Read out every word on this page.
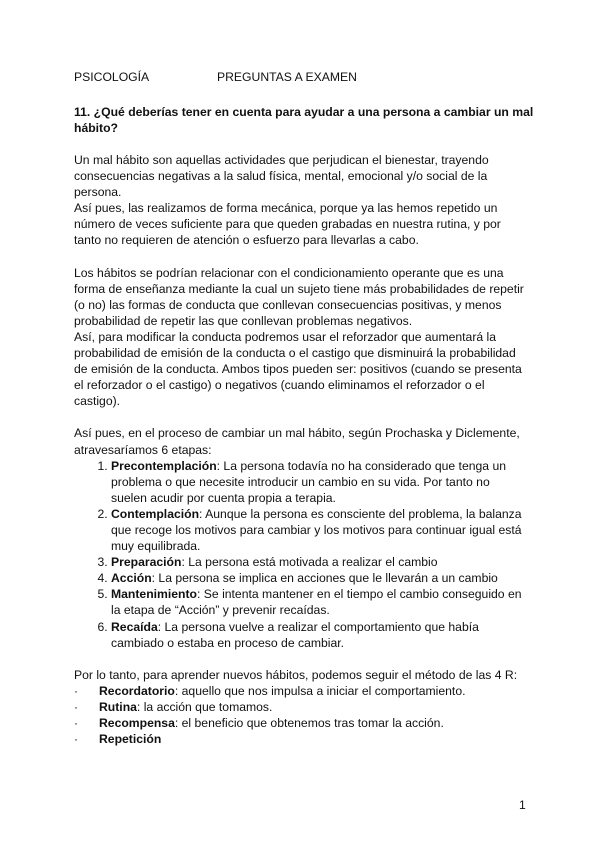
PSICOLOGÍA	PREGUNTAS A EXAMEN
11. ¿Qué deberías tener en cuenta para ayudar a una persona a cambiar un mal hábito?

Un mal hábito son aquellas actividades que perjudican el bienestar, trayendo consecuencias negativas a la salud física, mental, emocional y/o social de la persona.

Así pues, las realizamos de forma mecánica, porque ya las hemos repetido un número de veces suficiente para que queden grabadas en nuestra rutina, y por tanto no requieren de atención o esfuerzo para llevarlas a cabo.

Los hábitos se podrían relacionar con el condicionamiento operante que es una forma de enseñanza mediante la cual un sujeto tiene más probabilidades de repetir (o no) las formas de conducta que conllevan consecuencias positivas, y menos probabilidad de repetir las que conllevan problemas negativos.

Así, para modificar la conducta podremos usar el reforzador que aumentará la probabilidad de emisión de la conducta o el castigo que disminuirá la probabilidad de emisión de la conducta. Ambos tipos pueden ser: positivos (cuando se presenta el reforzador o el castigo) o negativos (cuando eliminamos el reforzador o el castigo).

Así pues, en el proceso de cambiar un mal hábito, según Prochaska y Diclemente, atravesaríamos 6 etapas:

1. Precontemplación: La persona todavía no ha considerado que tenga un problema o que necesite introducir un cambio en su vida. Por tanto no suelen acudir por cuenta propia a terapia.
2. Contemplación: Aunque la persona es consciente del problema, la balanza que recoge los motivos para cambiar y los motivos para continuar igual está muy equilibrada.
3. Preparación: La persona está motivada a realizar el cambio
4. Acción: La persona se implica en acciones que le llevarán a un cambio
5. Mantenimiento: Se intenta mantener en el tiempo el cambio conseguido en la etapa de “Acción” y prevenir recaídas.
6. Recaída: La persona vuelve a realizar el comportamiento que había cambiado o estaba en proceso de cambiar.

Por lo tanto, para aprender nuevos hábitos, podemos seguir el método de las 4 R:

· Recordatorio: aquello que nos impulsa a iniciar el comportamiento.
· Rutina: la acción que tomamos.
· Recompensa: el beneficio que obtenemos tras tomar la acción.
· Repetición
1
